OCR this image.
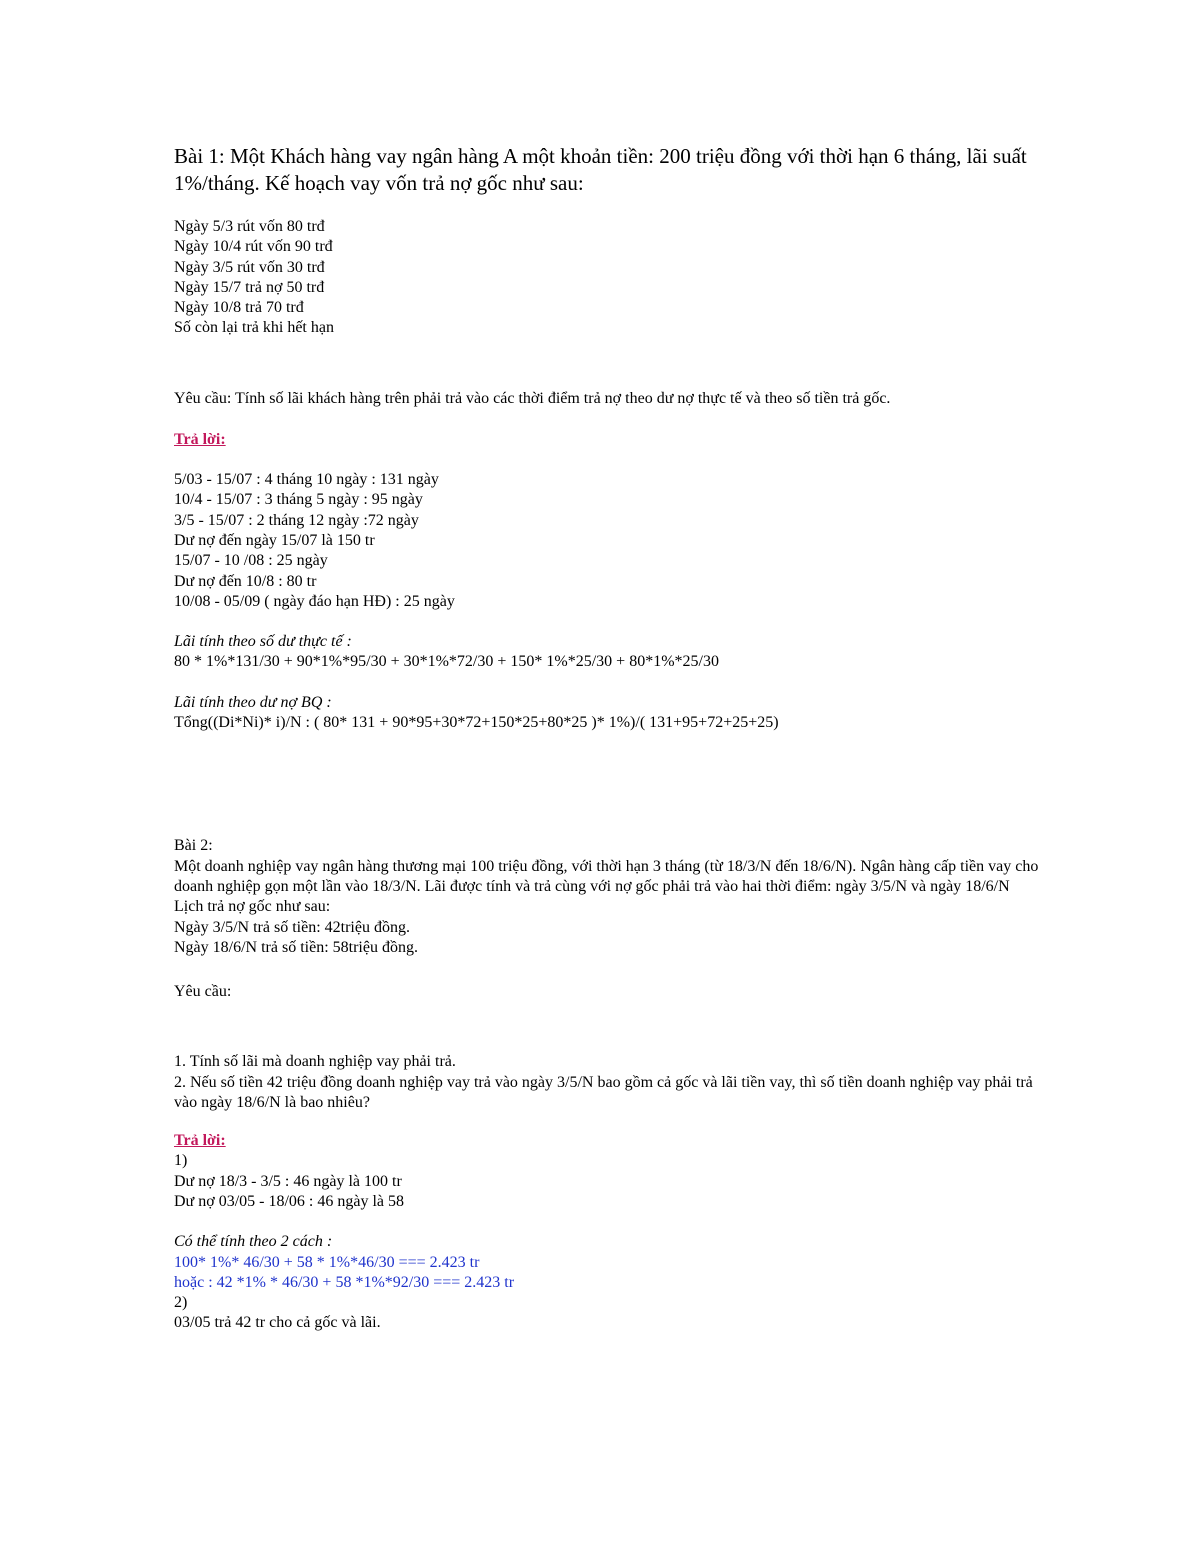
Bài 1: Một Khách hàng vay ngân hàng A một khoản tiền: 200 triệu đồng với thời hạn 6 tháng, lãi suất 1%/tháng. Kế hoạch vay vốn trả nợ gốc như sau:

Ngày 5/3 rút vốn 80 trđ

Ngày 10/4 rút vốn 90 trđ

Ngày 3/5 rút vốn 30 trđ

Ngày 15/7 trả nợ 50 trđ

Ngày 10/8 trả 70 trđ

Số còn lại trả khi hết hạn

Yêu cầu: Tính số lãi khách hàng trên phải trả vào các thời điểm trả nợ theo dư nợ thực tế và theo số tiền trả gốc.

Trả lời:

5/03 - 15/07 : 4 tháng 10 ngày : 131 ngày

10/4 - 15/07 : 3 tháng 5 ngày : 95 ngày

3/5 - 15/07 : 2 tháng 12 ngày :72 ngày

Dư nợ đến ngày 15/07 là 150 tr

15/07 - 10 /08 : 25 ngày

Dư nợ đến 10/8 : 80 tr

10/08 - 05/09 ( ngày đáo hạn HĐ) : 25 ngày

Lãi tính theo số dư thực tế :

80 * 1%*131/30 + 90*1%*95/30 + 30*1%*72/30 + 150* 1%*25/30 + 80*1%*25/30

Lãi tính theo dư nợ BQ :

Tổng((Di*Ni)* i)/N : ( 80* 131 + 90*95+30*72+150*25+80*25 )* 1%)/( 131+95+72+25+25)

Bài 2:

Một doanh nghiệp vay ngân hàng thương mại 100 triệu đồng, với thời hạn 3 tháng (từ 18/3/N đến 18/6/N). Ngân hàng cấp tiền vay cho doanh nghiệp gọn một lần vào 18/3/N. Lãi được tính và trả cùng với nợ gốc phải trả vào hai thời điểm: ngày 3/5/N và ngày 18/6/N

Lịch trả nợ gốc như sau:

Ngày 3/5/N trả số tiền: 42triệu đồng.

Ngày 18/6/N trả số tiền: 58triệu đồng.

Yêu cầu:

1. Tính số lãi mà doanh nghiệp vay phải trả.

2. Nếu số tiền 42 triệu đồng doanh nghiệp vay trả vào ngày 3/5/N bao gồm cả gốc và lãi tiền vay, thì số tiền doanh nghiệp vay phải trả vào ngày 18/6/N là bao nhiêu?

Trả lời:

1)

Dư nợ 18/3 - 3/5 : 46 ngày là 100 tr

Dư nợ 03/05 - 18/06 : 46 ngày là 58

Có thể tính theo 2 cách :

100* 1%* 46/30 + 58 * 1%*46/30 === 2.423 tr

hoặc : 42 *1% * 46/30 + 58 *1%*92/30 === 2.423 tr

2)

03/05 trả 42 tr cho cả gốc và lãi.
